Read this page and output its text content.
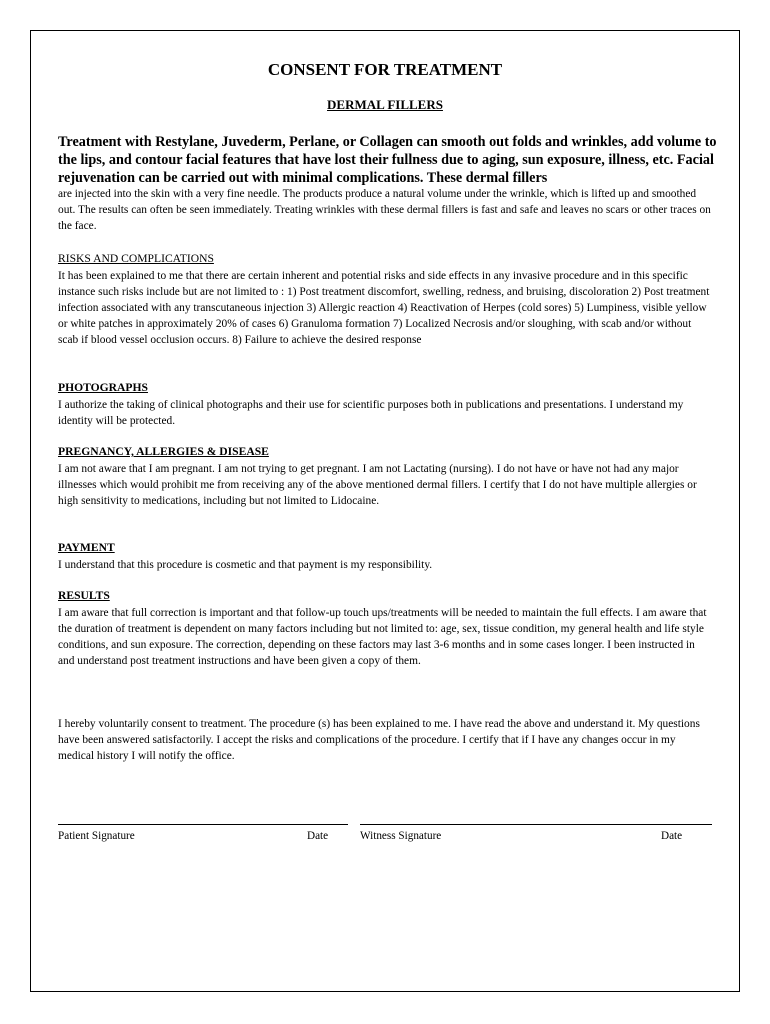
CONSENT FOR TREATMENT
DERMAL FILLERS
Treatment with Restylane, Juvederm, Perlane, or Collagen can smooth out folds and wrinkles, add volume to the lips, and contour facial features that have lost their fullness due to aging, sun exposure, illness, etc. Facial rejuvenation can be carried out with minimal complications. These dermal fillers
are injected into the skin with a very fine needle. The products produce a natural volume under the wrinkle, which is lifted up and smoothed out. The results can often be seen immediately. Treating wrinkles with these dermal fillers is fast and safe and leaves no scars or other traces on the face.
RISKS AND COMPLICATIONS
It has been explained to me that there are certain inherent and potential risks and side effects in any invasive procedure and in this specific instance such risks include but are not limited to : 1) Post treatment discomfort, swelling, redness, and bruising, discoloration 2) Post treatment infection associated with any transcutaneous injection 3) Allergic reaction 4) Reactivation of Herpes (cold sores) 5) Lumpiness, visible yellow or white patches in approximately 20% of cases 6) Granuloma formation 7) Localized Necrosis and/or sloughing, with scab and/or without scab if blood vessel occlusion occurs. 8) Failure to achieve the desired response
PHOTOGRAPHS
I authorize the taking of clinical photographs and their use for scientific purposes both in publications and presentations. I understand my identity will be protected.
PREGNANCY, ALLERGIES & DISEASE
I am not aware that I am pregnant. I am not trying to get pregnant. I am not Lactating (nursing). I do not have or have not had any major illnesses which would prohibit me from receiving any of the above mentioned dermal fillers. I certify that I do not have multiple allergies or high sensitivity to medications, including but not limited to Lidocaine.
PAYMENT
I understand that this procedure is cosmetic and that payment is my responsibility.
RESULTS
I am aware that full correction is important and that follow-up touch ups/treatments will be needed to maintain the full effects. I am aware that the duration of treatment is dependent on many factors including but not limited to: age, sex, tissue condition, my general health and life style conditions, and sun exposure. The correction, depending on these factors may last 3-6 months and in some cases longer. I been instructed in and understand post treatment instructions and have been given a copy of them.
I hereby voluntarily consent to treatment. The procedure (s) has been explained to me. I have read the above and understand it. My questions have been answered satisfactorily. I accept the risks and complications of the procedure. I certify that if I have any changes occur in my medical history I will notify the office.
Patient Signature	Date	Witness Signature	Date
